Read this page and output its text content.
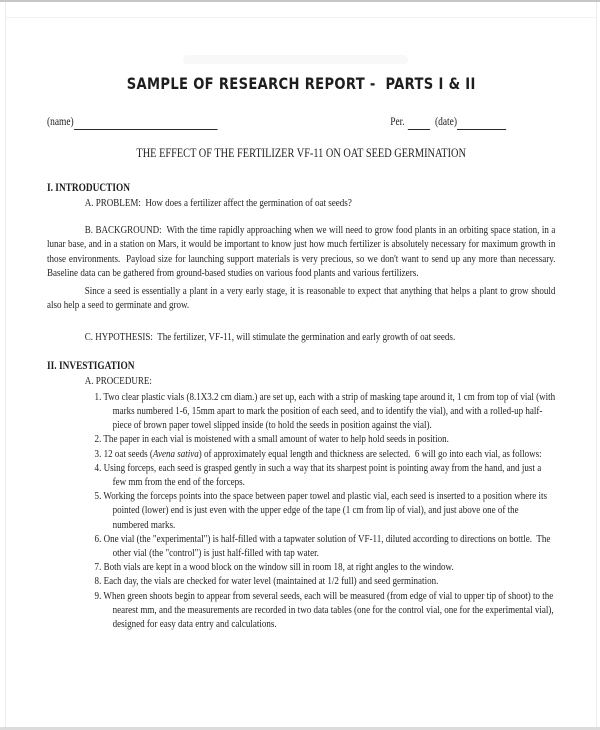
SAMPLE OF RESEARCH REPORT -  PARTS I & II
(name)	Per.	(date)
THE EFFECT OF THE FERTILIZER VF-11 ON OAT SEED GERMINATION
I. INTRODUCTION

A. PROBLEM:  How does a fertilizer affect the germination of oat seeds?

B. BACKGROUND:  With the time rapidly approaching when we will need to grow food plants in an orbiting space station, in a lunar base, and in a station on Mars, it would be important to know just how much fertilizer is absolutely necessary for maximum growth in those environments.  Payload size for launching support materials is very precious, so we don't want to send up any more than necessary.  Baseline data can be gathered from ground-based studies on various food plants and various fertilizers.

Since a seed is essentially a plant in a very early stage, it is reasonable to expect that anything that helps a plant to grow should also help a seed to germinate and grow.

C. HYPOTHESIS:  The fertilizer, VF-11, will stimulate the germination and early growth of oat seeds.

II. INVESTIGATION

A. PROCEDURE:

1. Two clear plastic vials (8.1X3.2 cm diam.) are set up, each with a strip of masking tape around it, 1 cm from top of vial (with marks numbered 1-6, 15mm apart to mark the position of each seed, and to identify the vial), and with a rolled-up half-piece of brown paper towel slipped inside (to hold the seeds in position against the vial).
2. The paper in each vial is moistened with a small amount of water to help hold seeds in position.
3. 12 oat seeds (Avena sativa) of approximately equal length and thickness are selected.  6 will go into each vial, as follows:
4. Using forceps, each seed is grasped gently in such a way that its sharpest point is pointing away from the hand, and just a few mm from the end of the forceps.
5. Working the forceps points into the space between paper towel and plastic vial, each seed is inserted to a position where its pointed (lower) end is just even with the upper edge of the tape (1 cm from lip of vial), and just above one of the numbered marks.
6. One vial (the "experimental") is half-filled with a tapwater solution of VF-11, diluted according to directions on bottle.  The other vial (the "control") is just half-filled with tap water.
7. Both vials are kept in a wood block on the window sill in room 18, at right angles to the window.
8. Each day, the vials are checked for water level (maintained at 1/2 full) and seed germination.
9. When green shoots begin to appear from several seeds, each will be measured (from edge of vial to upper tip of shoot) to the nearest mm, and the measurements are recorded in two data tables (one for the control vial, one for the experimental vial), designed for easy data entry and calculations.
